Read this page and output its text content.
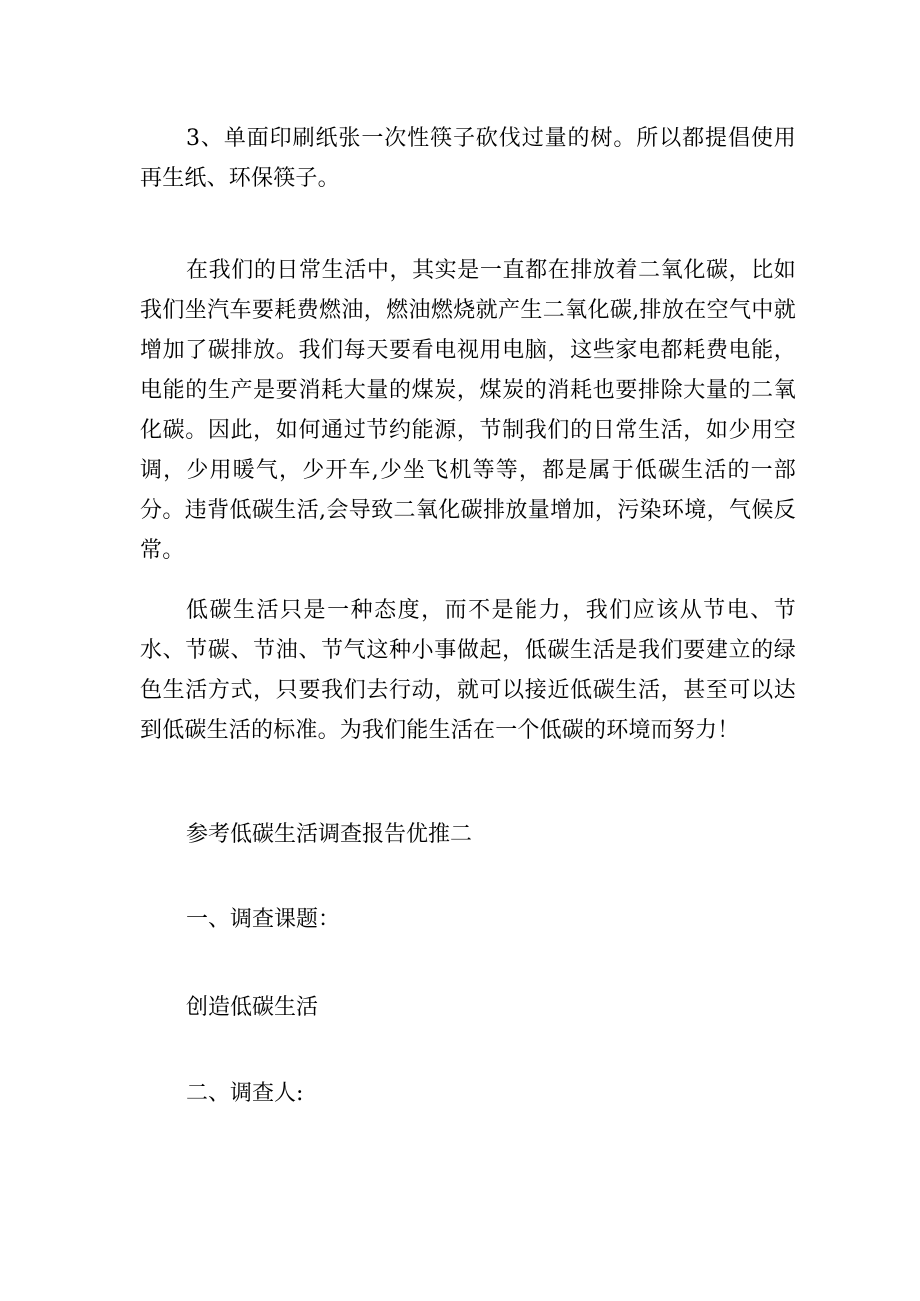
3、单面印刷纸张一次性筷子砍伐过量的树。所以都提倡使用再生纸、环保筷子。

在我们的日常生活中，其实是一直都在排放着二氧化碳，比如我们坐汽车要耗费燃油，燃油燃烧就产生二氧化碳,排放在空气中就增加了碳排放。我们每天要看电视用电脑，这些家电都耗费电能，电能的生产是要消耗大量的煤炭，煤炭的消耗也要排除大量的二氧化碳。因此，如何通过节约能源，节制我们的日常生活，如少用空调，少用暖气，少开车,少坐飞机等等，都是属于低碳生活的一部分。违背低碳生活,会导致二氧化碳排放量增加，污染环境，气候反常。

低碳生活只是一种态度，而不是能力，我们应该从节电、节水、节碳、节油、节气这种小事做起，低碳生活是我们要建立的绿色生活方式，只要我们去行动，就可以接近低碳生活，甚至可以达到低碳生活的标准。为我们能生活在一个低碳的环境而努力！

参考低碳生活调查报告优推二

一、调查课题：

创造低碳生活

二、调查人:
